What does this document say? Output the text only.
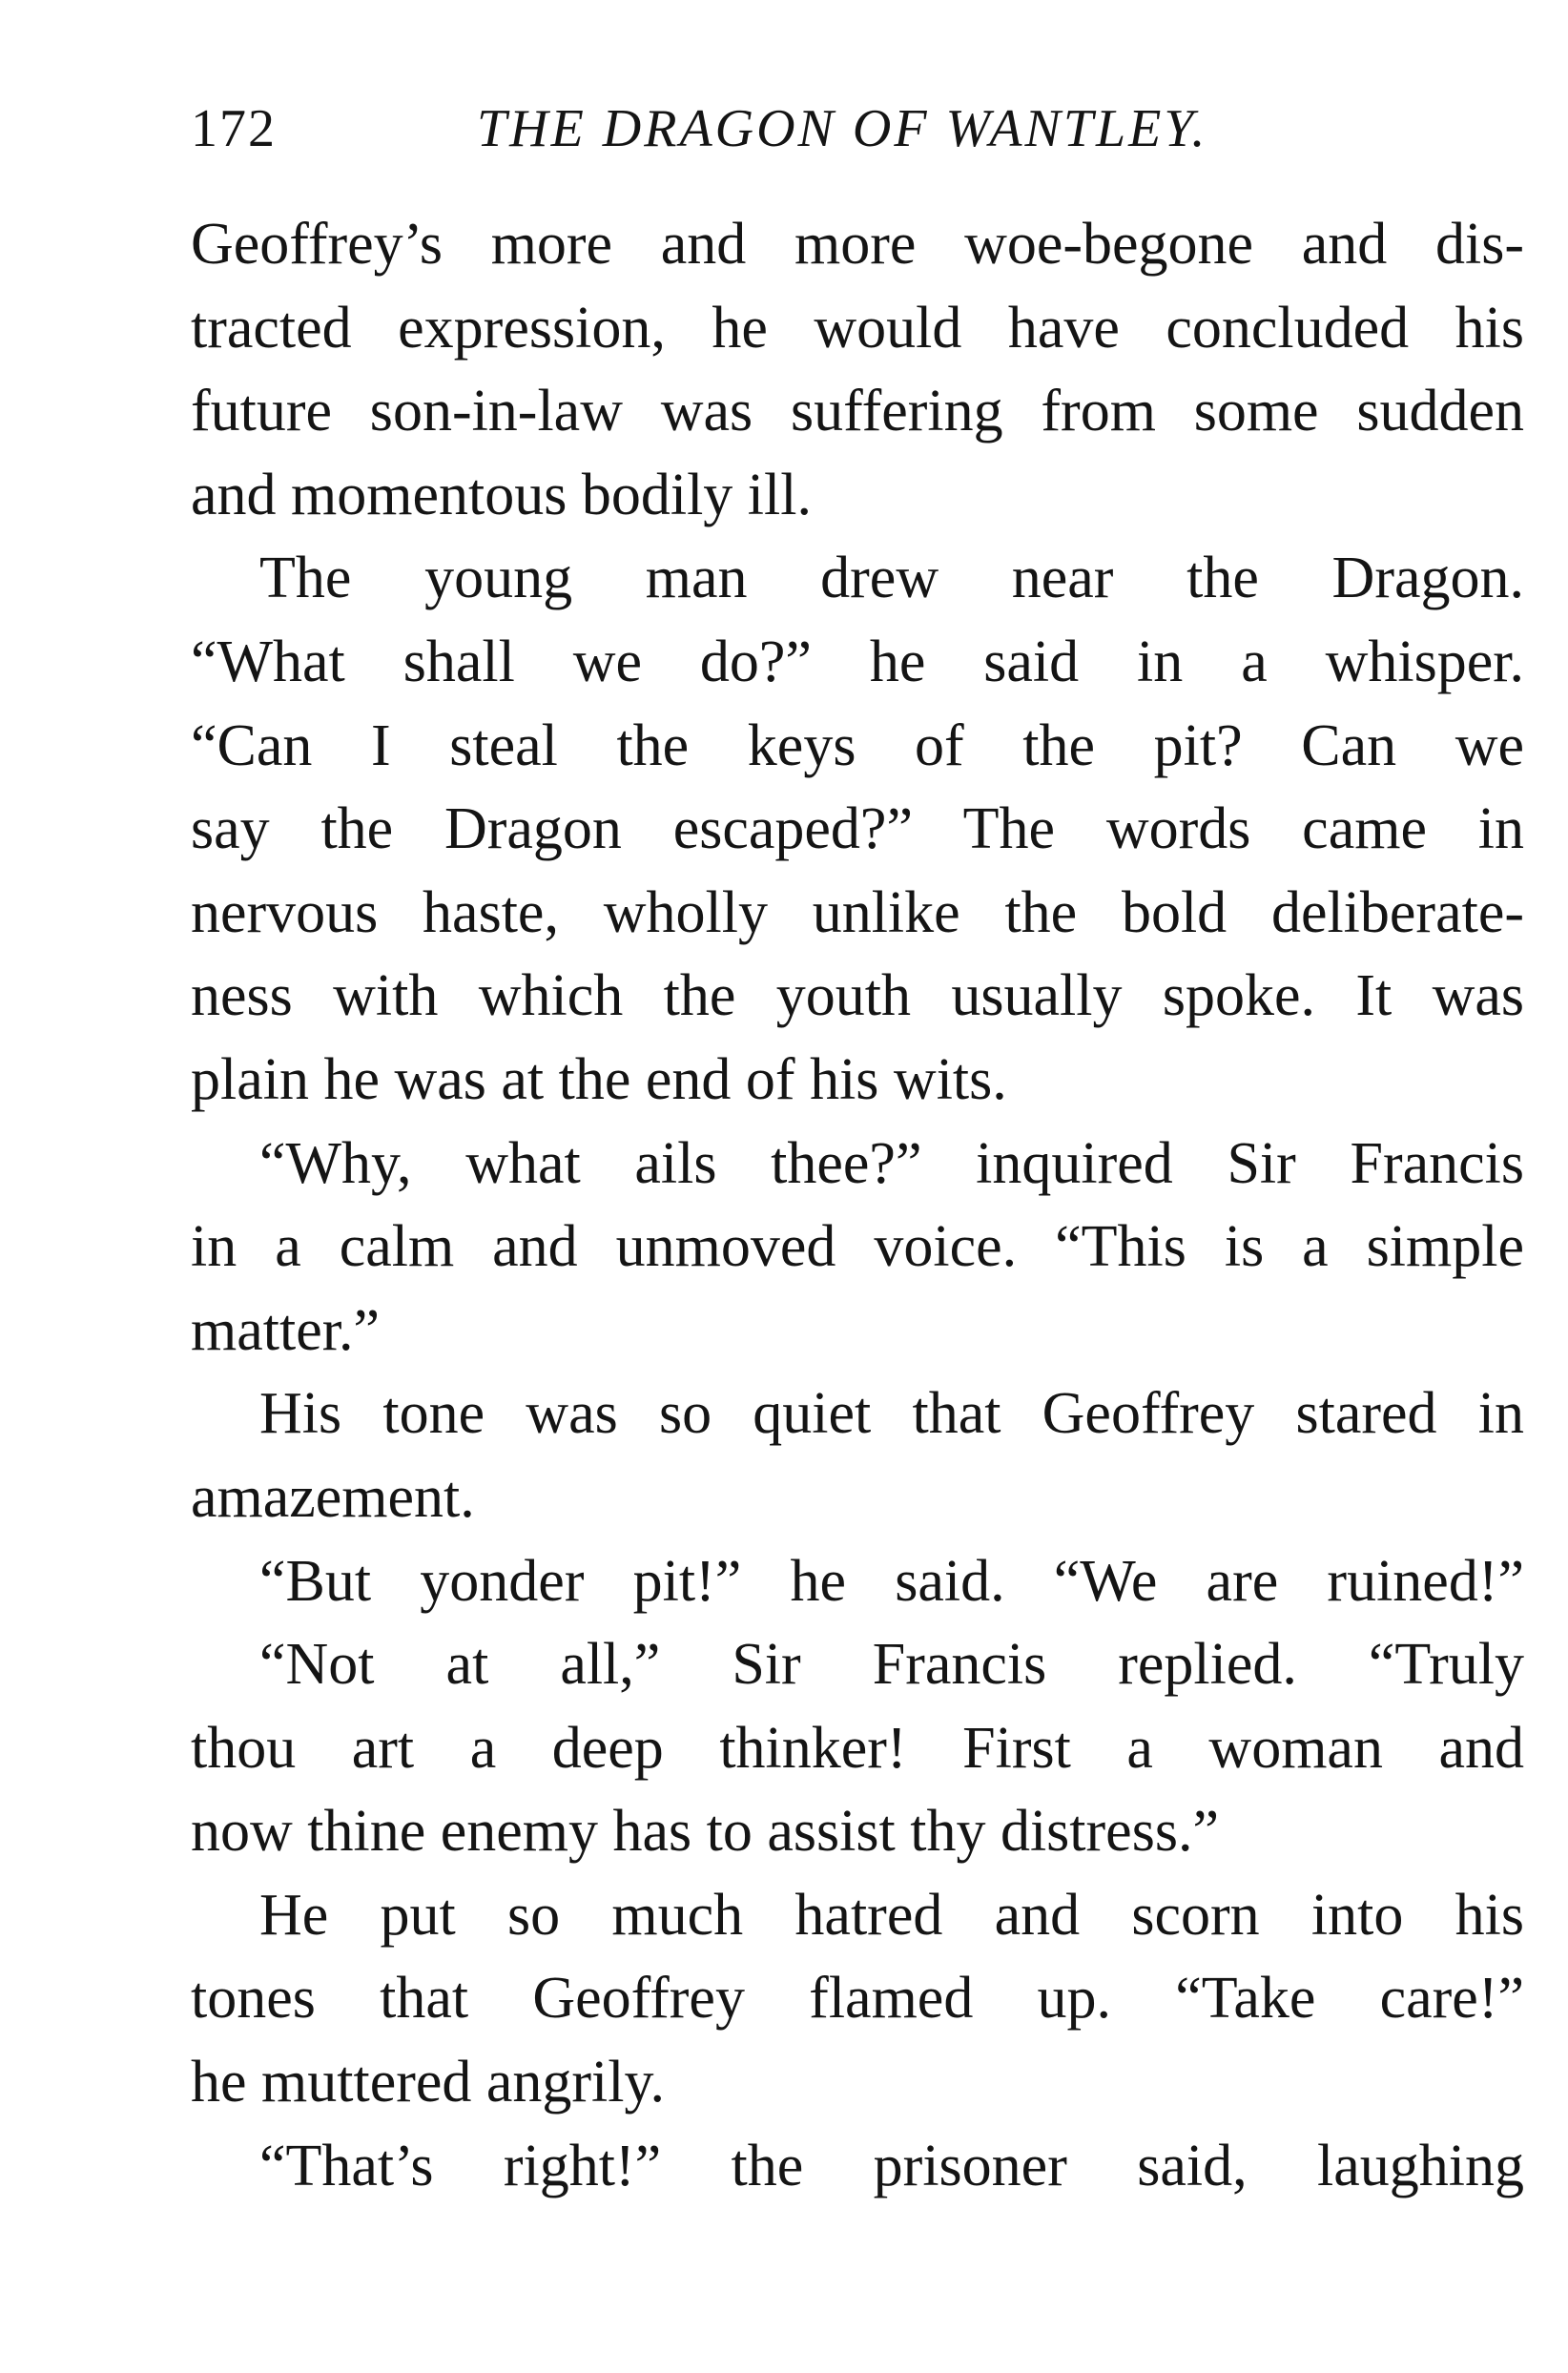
172	THE DRAGON OF WANTLEY.
Geoffrey’s more and more woe-begone and dis-
tracted expression, he would have concluded his
future son-in-law was suffering from some sudden
and momentous bodily ill.
The young man drew near the Dragon.
“What shall we do?” he said in a whisper.
“Can I steal the keys of the pit? Can we
say the Dragon escaped?” The words came in
nervous haste, wholly unlike the bold deliberate-
ness with which the youth usually spoke. It was
plain he was at the end of his wits.
“Why, what ails thee?” inquired Sir Francis
in a calm and unmoved voice. “This is a simple
matter.”
His tone was so quiet that Geoffrey stared in
amazement.
“But yonder pit!” he said. “We are ruined!”
“Not at all,” Sir Francis replied. “Truly
thou art a deep thinker! First a woman and
now thine enemy has to assist thy distress.”
He put so much hatred and scorn into his
tones that Geoffrey flamed up. “Take care!”
he muttered angrily.
“That’s right!” the prisoner said, laughing
